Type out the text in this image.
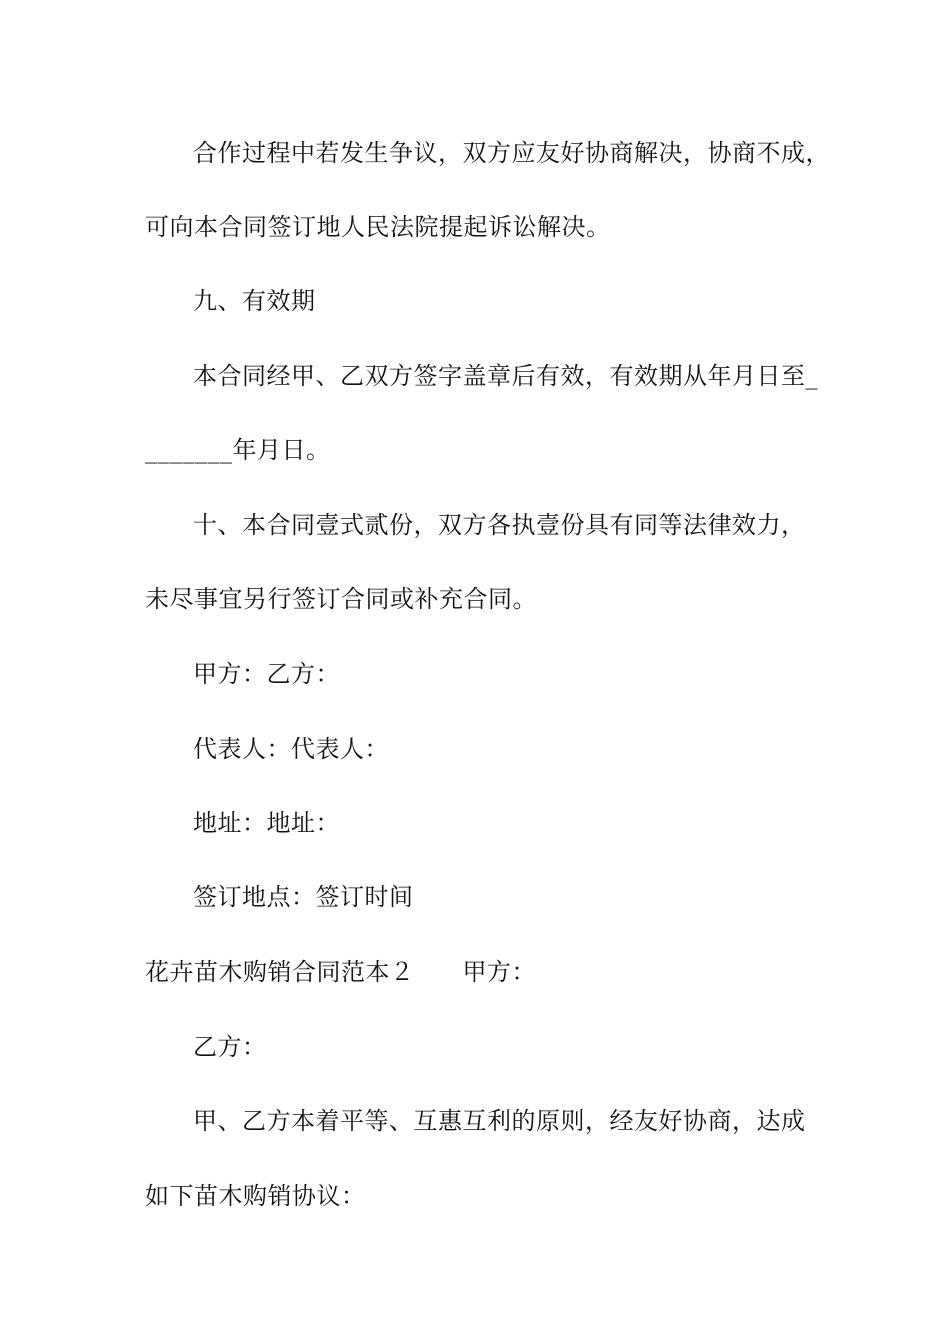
合作过程中若发生争议，双方应友好协商解决，协商不成，
可向本合同签订地人民法院提起诉讼解决。
九、有效期
本合同经甲、乙双方签字盖章后有效，有效期从年月日至_
_______年月日。
十、本合同壹式贰份，双方各执壹份具有同等法律效力，
未尽事宜另行签订合同或补充合同。
甲方：乙方：
代表人：代表人：
地址：地址：
签订地点：签订时间
花卉苗木购销合同范本２ 甲方：
乙方：
甲、乙方本着平等、互惠互利的原则，经友好协商，达成
如下苗木购销协议：
